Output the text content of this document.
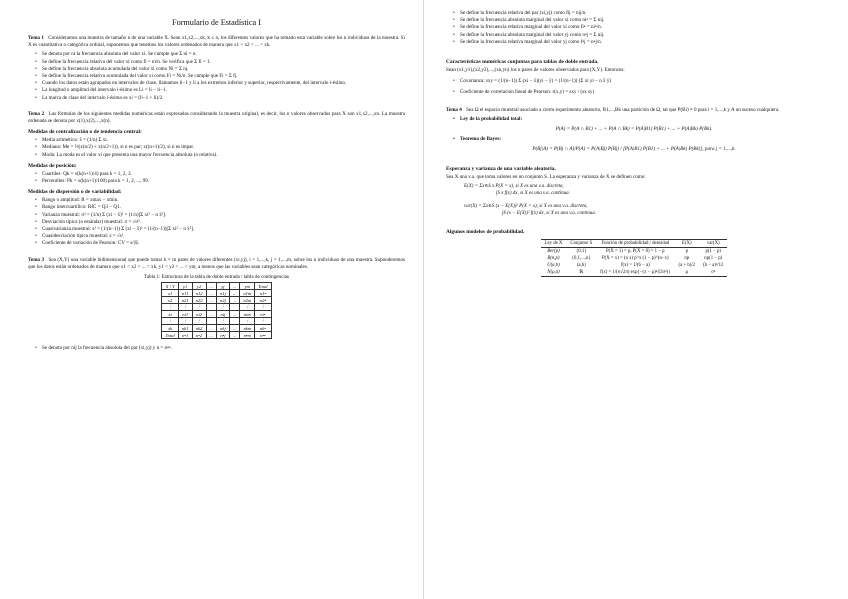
Formulario de Estadística I

Tema 1 Consideramos una muestra de tamaño n de una variable X. Sean x1,x2,...,xk, k ≤ n, los diferentes valores que ha tomado esta variable sobre los n individuos de la muestra. Si X es cuantitativa o categórica ordinal, suponemos que tenemos los valores ordenados de manera que x1 < x2 < ... < xk.

• Se denota por ni la frecuencia absoluta del valor xi. Se cumple que Σ ni = n.
• Se define la frecuencia relativa del valor xi como fi = ni/n. Se verifica que Σ fi = 1.
• Se define la frecuencia absoluta acumulada del valor xi como Ni = Σ nj.
• Se define la frecuencia relativa acumulada del valor xi como Fi = Ni/n. Se cumple que Fi = Σ fj.
• Cuando los datos están agrupados en intervalos de clase, llamamos li−1 y li a los extremos inferior y superior, respectivamente, del intervalo i-ésimo.
• La longitud o amplitud del intervalo i-ésimo es Li = li − li−1.
• La marca de clase del intervalo i-ésimo es xi = (li−1 + li)/2.

Tema 2 Las fórmulas de los siguientes medidas numéricas están expresadas considerando la muestra original, es decir, los n valores observados para X son x1,x2,...,xn. La muestra ordenada se denota por x(1),x(2),...,x(n).

Medidas de centralización o de tendencia central:
• Media aritmética: x̄ = (1/n) Σ xi.
• Mediana: Me = ½(x(n/2) + x(n/2+1)), si n es par; x((n+1)/2), si n es impar.
• Moda: La moda es el valor xi que presenta una mayor frecuencia absoluta (o relativa).
Medidas de posición:
• Cuartiles: Qk = x(k(n+1)/4) para k = 1, 2, 3.
• Percentiles: Pk = x(k(n+1)/100) para k = 1, 2, ..., 99.
Medidas de dispersión o de variabilidad:
• Rango o amplitud: R = xmax − xmin.
• Rango intercuartílico: RIC = Q3 − Q1.
• Varianza muestral: σ² = (1/n) Σ (xi − x̄)² = (1/n)[Σ xi² − n x̄²].
• Desviación típica (o estándar) muestral: σ = √σ².
• Cuasivarianza muestral: s² = (1/(n−1)) Σ (xi − x̄)² = (1/(n−1))[Σ xi² − n x̄²].
• Cuasidesviación típica muestral: s = √s².
• Coeficiente de variación de Pearson: CV = s/|x̄|.

Tema 3 Sea (X,Y) una variable bidimensional que puede tomar k × m pares de valores diferentes (xi,yj), i = 1,...,k, j = 1,...,m, sobre los n individuos de una muestra. Suponderemos que los datos están ordenados de manera que x1 < x2 < ... < xk, y1 < y2 < ... < ym, a menos que las variables sean categóricas nominales.

Tabla 1: Estructura de la tabla de doble entrada / tabla de contingencias
X \ Y	y1	y2	...	yj	...	ym	Total
x1	n11	n12	...	n1j	...	n1m	n1•
x2	n21	n22	...	n2j	...	n2m	n2•
⋮	⋮	⋮		⋮		⋮	⋮
xi	ni1	ni2	...	nij	...	nim	ni•
⋮	⋮	⋮		⋮		⋮	⋮
xk	nk1	nk2	...	nkj	...	nkm	nk•
Total	n•1	n•2	...	n•j	...	n•m	n••
• Se denota por nij la frecuencia absoluta del par (xi,yj) y n = n••.
• Se define la frecuencia relativa del par (xi,yj) como fij = nij/n.
• Se define la frecuencia absoluta marginal del valor xi como ni• = Σ nij.
• Se define la frecuencia relativa marginal del valor xi como fi• = ni•/n.
• Se define la frecuencia absoluta marginal del valor yj como n•j = Σ nij.
• Se define la frecuencia relativa marginal del valor yj como f•j = n•j/n.
Características numéricas conjuntas para tablas de doble entrada.

Sean (x1,y1),(x2,y2),...,(xn,yn) los n pares de valores observados para (X,Y). Entonces:

• Covarianza: sxy = (1/(n−1)) Σ (xi − x̄)(yi − ȳ) = (1/(n−1)) (Σ xi yi − n x̄ ȳ)
• Coeficiente de correlación lineal de Pearson: r(x,y) = sxy / (sx sy)

Tema 4 Sea Ω el espacio muestral asociado a cierto experimento aleatorio, B1,...,Bk una partición de Ω, tal que P(Bi) ≠ 0 para i = 1,...,k y A un suceso cualquiera.

• Ley de la probabilidad total:
P(A) = P(A ∩ B1) + ... + P(A ∩ Bk) = P(A|B1) P(B1) + ... + P(A|Bk) P(Bk).
• Teorema de Bayes:
P(Bj|A) = P(Bj ∩ A)/P(A) = P(A|Bj) P(Bj) / [P(A|B1) P(B1) + ... + P(A|Bk) P(Bk)], para j = 1,...,k.
Esperanza y varianza de una variable aleatoria.

Sea X una v.a. que toma valores en un conjunto S. La esperanza y varianza de X se definen como:

E(X) = Σx∈S x P(X = x), si X es una v.a. discreta,
∫S x f(x) dx, si X es una v.a. continua.
var(X) = Σx∈S (x − E(X))² P(X = x), si X es una v.a. discreta,
∫S (x − E(X))² f(x) dx, si X es una v.a. continua.
Algunos modelos de probabilidad.
Ley de X	Conjunto S	Función de probabilidad / densidad	E(X)	var(X)
Ber(p)	{0,1}	P(X = 1) = p, P(X = 0) = 1 − p	p	p(1 − p)
B(n,p)	{0,1,...,n}	P(X = x) = (n x) p^x (1 − p)^(n−x)	np	np(1 − p)
U(a,b)	(a,b)	f(x) = 1/(b − a)	(a + b)/2	(b − a)²/12
N(μ,σ)	ℝ	f(x) = 1/(σ√2π) exp{−(x − μ)²/(2σ²)}	μ	σ²
